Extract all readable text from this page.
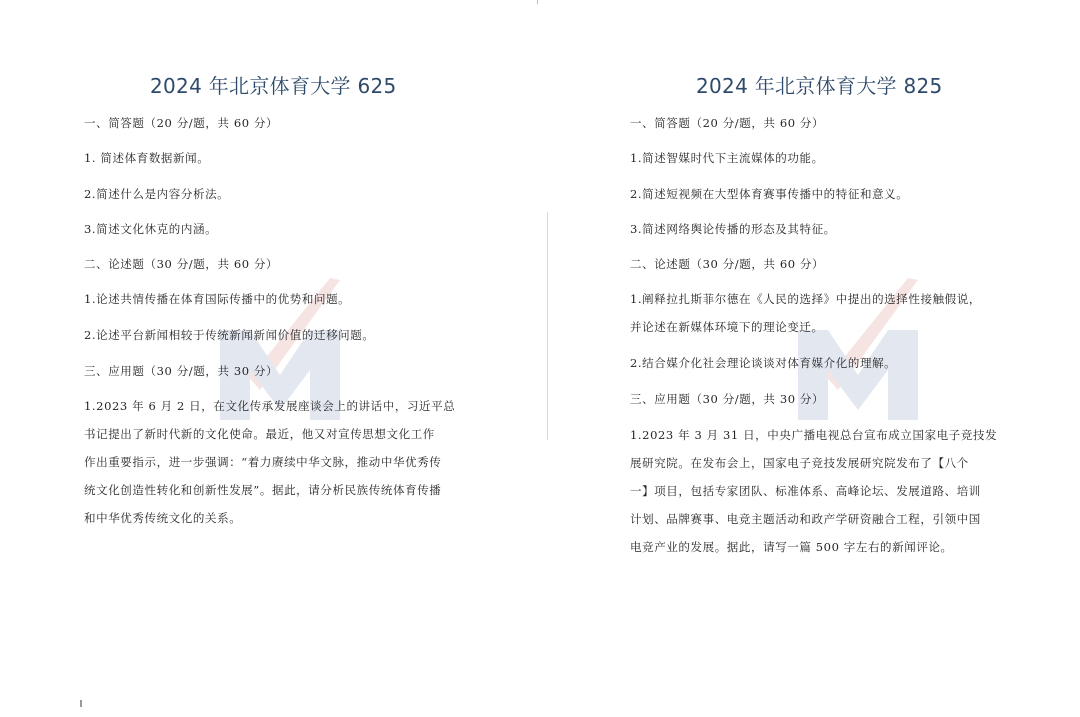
2024 年北京体育大学 625
一、简答题（20 分/题，共 60 分）
1. 简述体育数据新闻。
2.简述什么是内容分析法。
3.简述文化休克的内涵。
二、论述题（30 分/题，共 60 分）
1.论述共情传播在体育国际传播中的优势和问题。
2.论述平台新闻相较于传统新闻新闻价值的迁移问题。
三、应用题（30 分/题，共 30 分）
1.2023 年 6 月 2 日，在文化传承发展座谈会上的讲话中，习近平总
书记提出了新时代新的文化使命。最近，他又对宣传思想文化工作
作出重要指示，进一步强调：“着力赓续中华文脉，推动中华优秀传
统文化创造性转化和创新性发展”。据此，请分析民族传统体育传播
和中华优秀传统文化的关系。
2024 年北京体育大学 825
一、简答题（20 分/题，共 60 分）
1.简述智媒时代下主流媒体的功能。
2.简述短视频在大型体育赛事传播中的特征和意义。
3.简述网络舆论传播的形态及其特征。
二、论述题（30 分/题，共 60 分）
1.阐释拉扎斯菲尔德在《人民的选择》中提出的选择性接触假说，
并论述在新媒体环境下的理论变迁。
2.结合媒介化社会理论谈谈对体育媒介化的理解。
三、应用题（30 分/题，共 30 分）
1.2023 年 3 月 31 日，中央广播电视总台宣布成立国家电子竞技发
展研究院。在发布会上，国家电子竞技发展研究院发布了【八个
一】项目，包括专家团队、标准体系、高峰论坛、发展道路、培训
计划、品牌赛事、电竞主题活动和政产学研资融合工程，引领中国
电竞产业的发展。据此，请写一篇 500 字左右的新闻评论。
